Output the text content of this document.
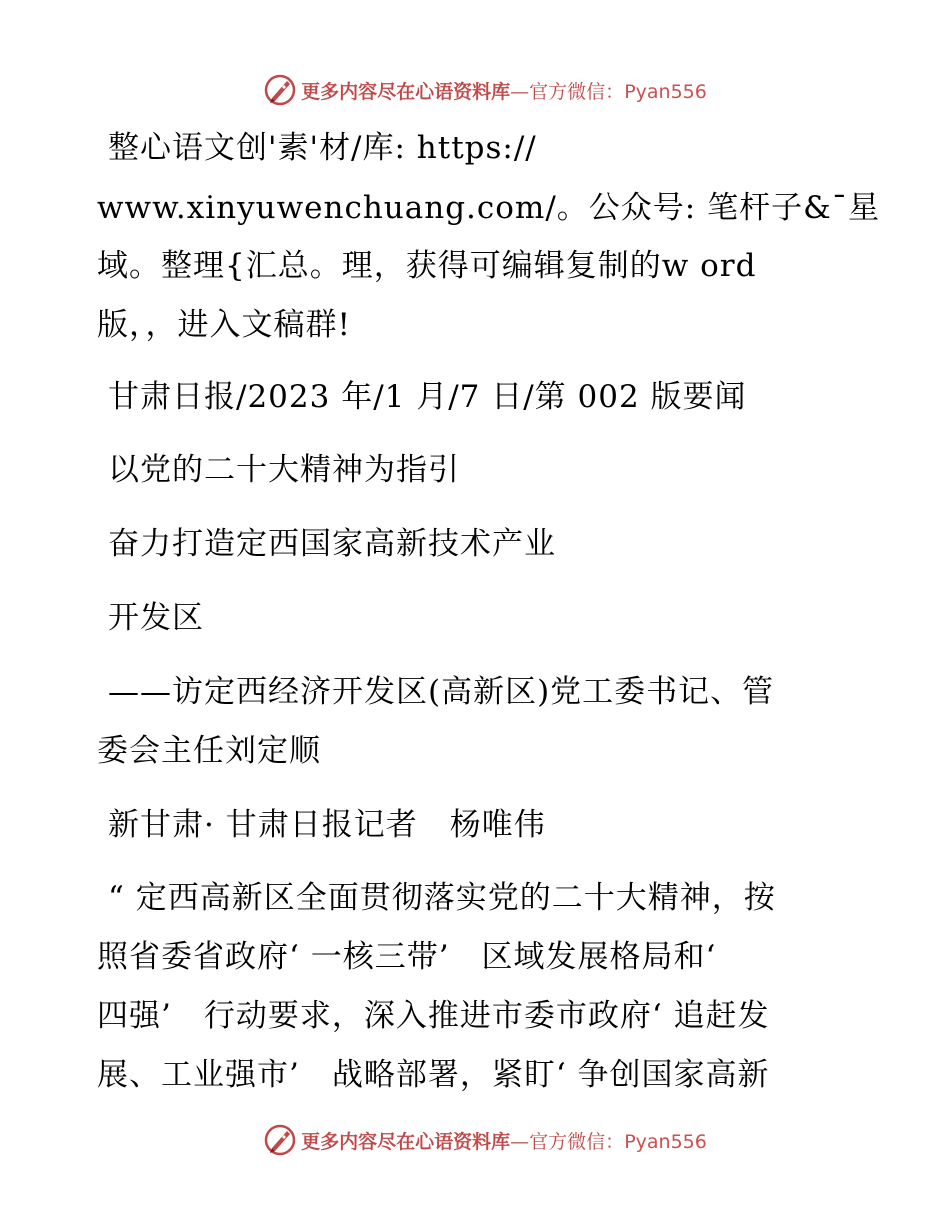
更多内容尽在心语资料库—官方微信：Pyan556
整心语文创'素'材/库: https://
www.xinyuwenchuang.com/。公众号: 笔杆子&¯星
域。整理{汇总。理，获得可编辑复制的w ord
版，，进入文稿群!
甘肃日报/2023 年/1 月/7 日/第 002 版要闻
以党的二十大精神为指引
奋力打造定西国家高新技术产业
开发区
——访定西经济开发区(高新区)党工委书记、管
委会主任刘定顺
新甘肃· 甘肃日报记者　杨唯伟
“ 定西高新区全面贯彻落实党的二十大精神，按
照省委省政府‘ 一核三带’　区域发展格局和‘
四强’　行动要求，深入推进市委市政府‘ 追赶发
展、工业强市’　战略部署，紧盯‘ 争创国家高新
更多内容尽在心语资料库—官方微信：Pyan556
